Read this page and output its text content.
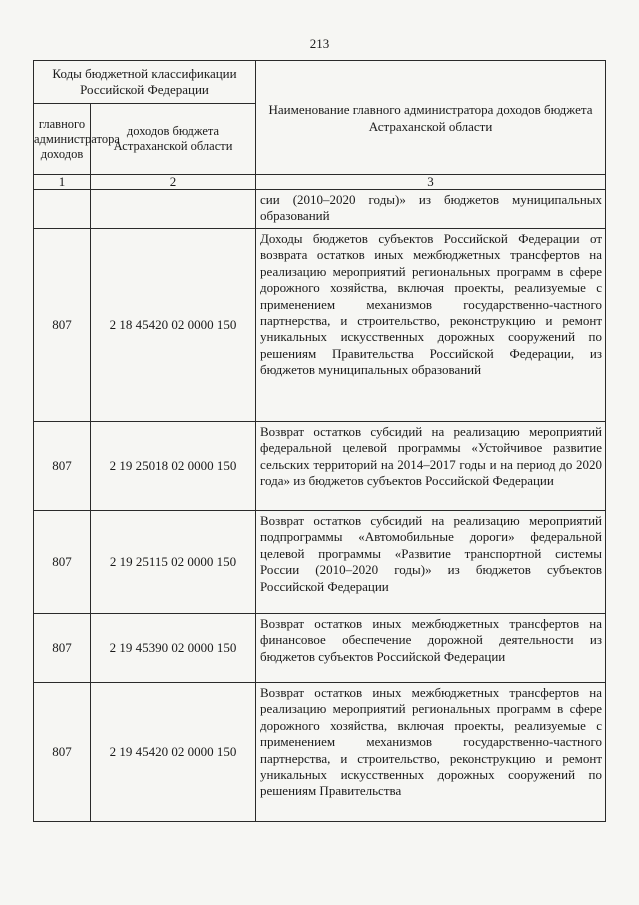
213
Коды бюджетной классификации Российской Федерации		Наименование главного администратора доходов бюджета Астраханской области
главного администратора доходов	доходов бюджета Астраханской области	
1	2	3
		сии (2010–2020 годы)» из бюджетов муниципальных образований
807	2 18 45420 02 0000 150	Доходы бюджетов субъектов Российской Федерации от возврата остатков иных межбюджетных трансфертов на реализацию мероприятий региональных программ в сфере дорожного хозяйства, включая проекты, реализуемые с применением механизмов государственно-частного партнерства, и строительство, реконструкцию и ремонт уникальных искусственных дорожных сооружений по решениям Правительства Российской Федерации, из бюджетов муниципальных образований
807	2 19 25018 02 0000 150	Возврат остатков субсидий на реализацию мероприятий федеральной целевой программы «Устойчивое развитие сельских территорий на 2014–2017 годы и на период до 2020 года» из бюджетов субъектов Российской Федерации
807	2 19 25115 02 0000 150	Возврат остатков субсидий на реализацию мероприятий подпрограммы «Автомобильные дороги» федеральной целевой программы «Развитие транспортной системы России (2010–2020 годы)» из бюджетов субъектов Российской Федерации
807	2 19 45390 02 0000 150	Возврат остатков иных межбюджетных трансфертов на финансовое обеспечение дорожной деятельности из бюджетов субъектов Российской Федерации
807	2 19 45420 02 0000 150	Возврат остатков иных межбюджетных трансфертов на реализацию мероприятий региональных программ в сфере дорожного хозяйства, включая проекты, реализуемые с применением механизмов государственно-частного партнерства, и строительство, реконструкцию и ремонт уникальных искусственных дорожных сооружений по решениям Правительства
